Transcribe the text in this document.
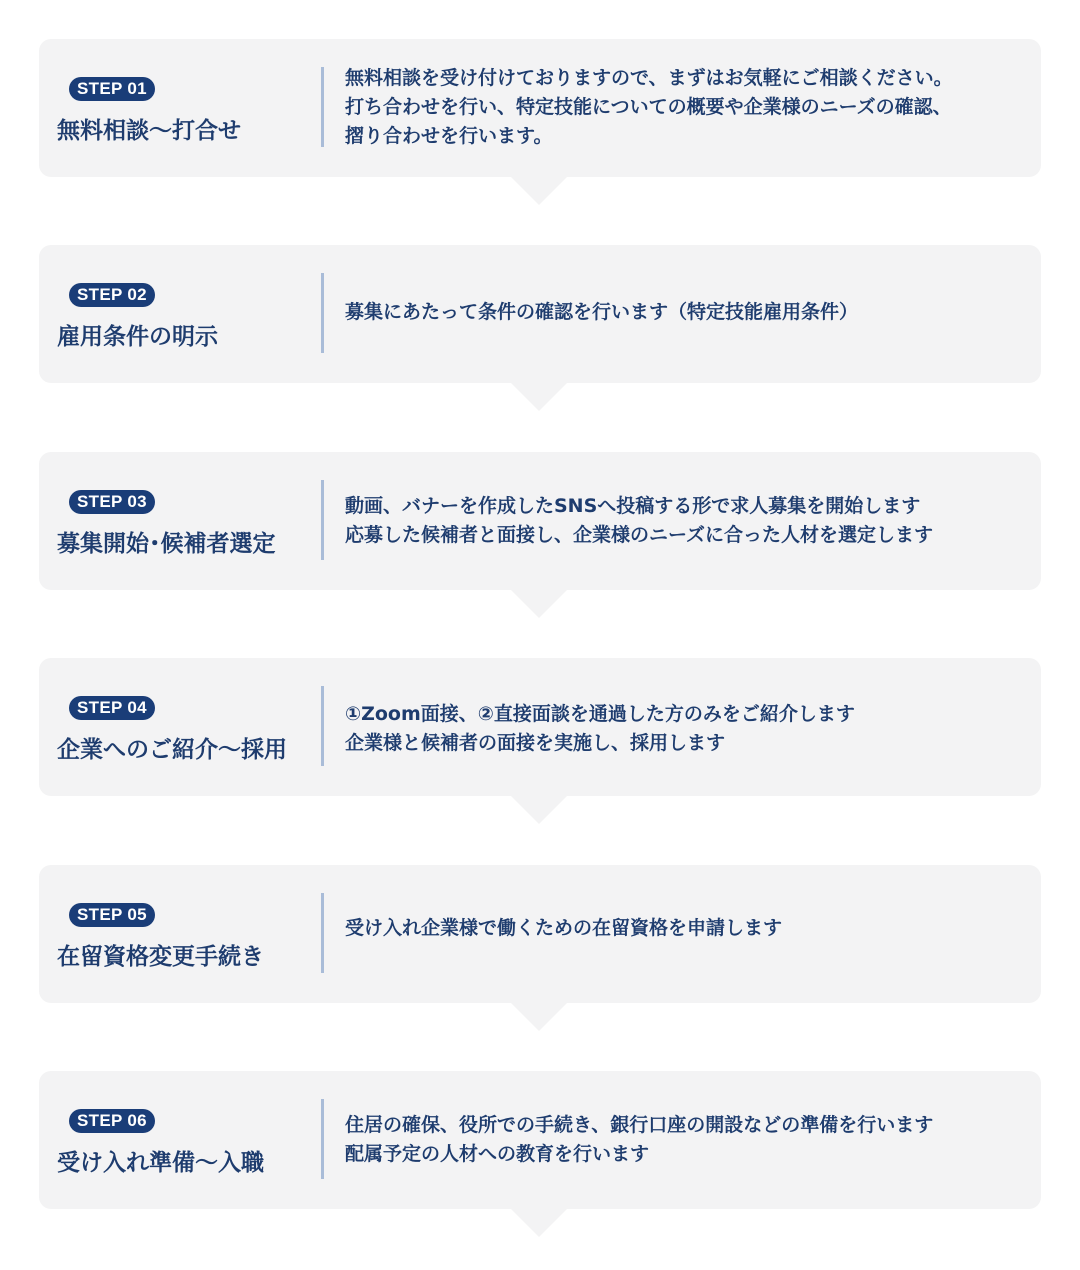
STEP 01
無料相談～打合せ
無料相談を受け付けておりますので、まずはお気軽にご相談ください。
打ち合わせを行い、特定技能についての概要や企業様のニーズの確認、
摺り合わせを行います。
STEP 02
雇用条件の明示
募集にあたって条件の確認を行います（特定技能雇用条件）
STEP 03
募集開始･候補者選定
動画、バナーを作成したSNSへ投稿する形で求人募集を開始します
応募した候補者と面接し、企業様のニーズに合った人材を選定します
STEP 04
企業へのご紹介～採用
①Zoom面接、②直接面談を通過した方のみをご紹介します
企業様と候補者の面接を実施し、採用します
STEP 05
在留資格変更手続き
受け入れ企業様で働くための在留資格を申請します
STEP 06
受け入れ準備～入職
住居の確保、役所での手続き、銀行口座の開設などの準備を行います
配属予定の人材への教育を行います
